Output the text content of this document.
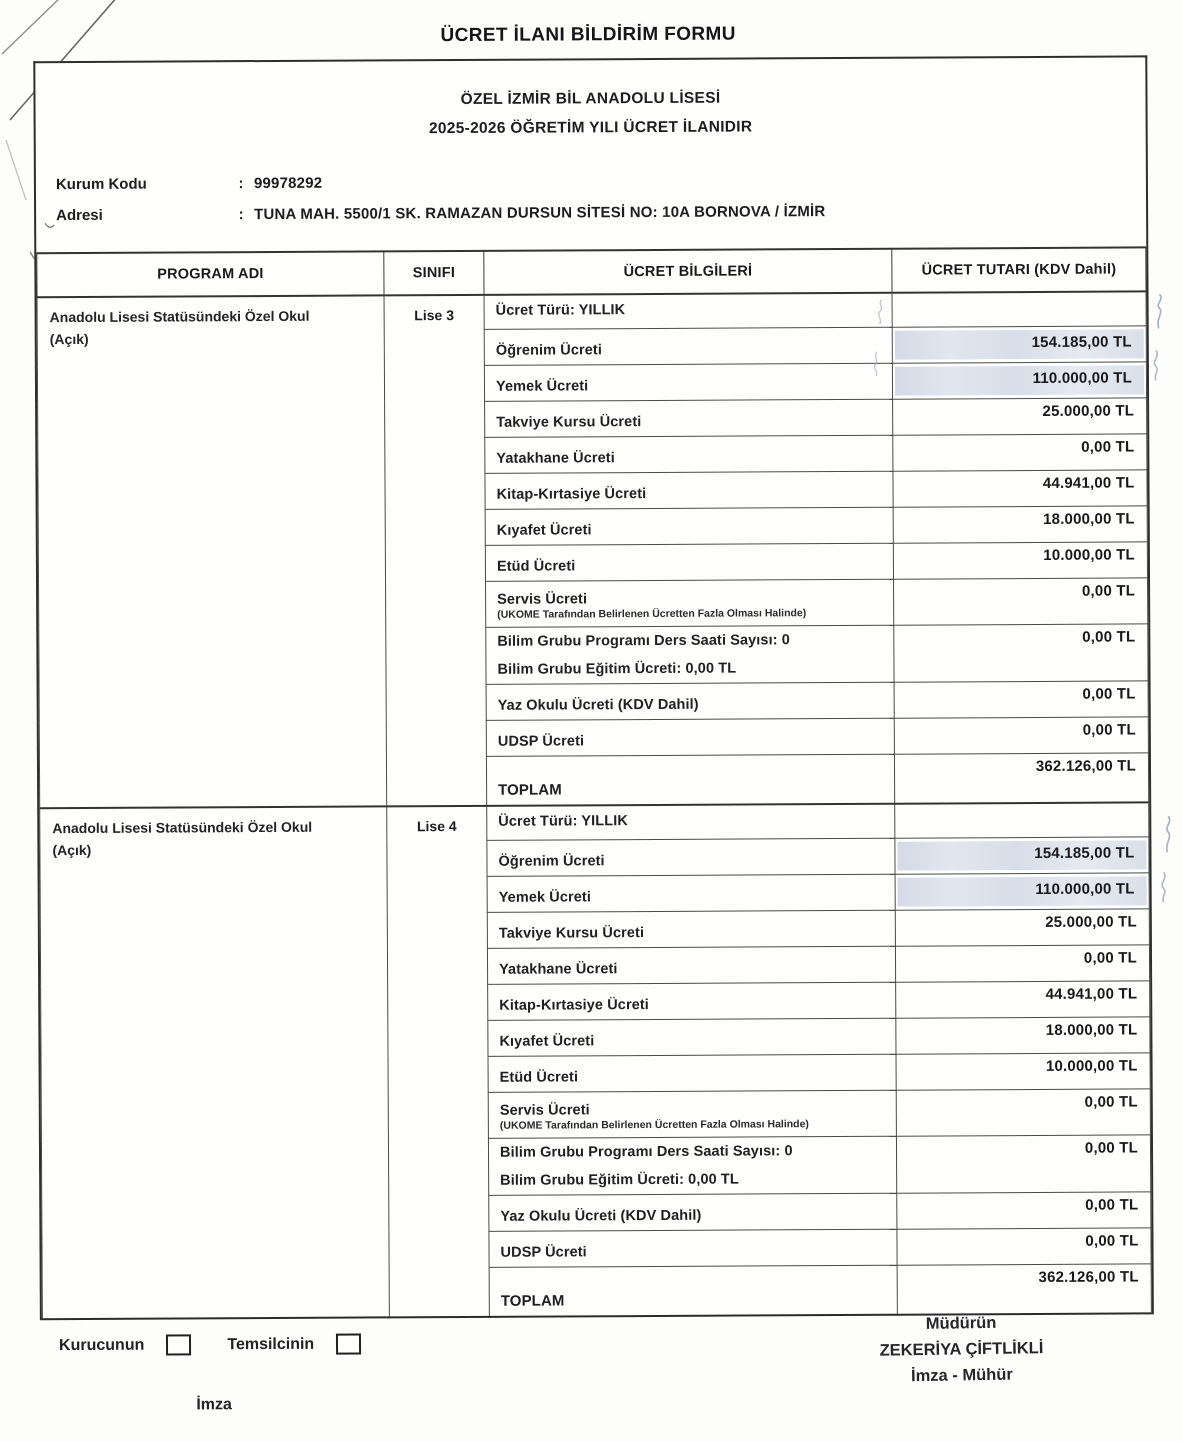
ÜCRET İLANI BİLDİRİM FORMU
ÖZEL İZMİR BİL ANADOLU LİSESİ
2025-2026 ÖĞRETİM YILI ÜCRET İLANIDIR
Kurum Kodu	: 99978292
Adresi	: TUNA MAH. 5500/1 SK. RAMAZAN DURSUN SİTESİ NO: 10A BORNOVA / İZMİR
PROGRAM ADI	SINIFI	ÜCRET BİLGİLERİ	ÜCRET TUTARI (KDV Dahil)

Anadolu Lisesi Statüsündeki Özel Okul
(Açık)	Lise 3	Ücret Türü: YILLIK	

		Öğrenim Ücreti	154.185,00 TL

		Yemek Ücreti	110.000,00 TL

		Takviye Kursu Ücreti	25.000,00 TL

		Yatakhane Ücreti	0,00 TL

		Kitap-Kırtasiye Ücreti	44.941,00 TL

		Kıyafet Ücreti	18.000,00 TL

		Etüd Ücreti	10.000,00 TL

		Servis Ücreti
(UKOME Tarafından Belirlenen Ücretten Fazla Olması Halinde)	0,00 TL

		Bilim Grubu Programı Ders Saati Sayısı: 0
Bilim Grubu Eğitim Ücreti: 0,00 TL	0,00 TL

		Yaz Okulu Ücreti (KDV Dahil)	0,00 TL

		UDSP Ücreti	0,00 TL

		TOPLAM	362.126,00 TL

Anadolu Lisesi Statüsündeki Özel Okul
(Açık)	Lise 4	Ücret Türü: YILLIK	

		Öğrenim Ücreti	154.185,00 TL

		Yemek Ücreti	110.000,00 TL

		Takviye Kursu Ücreti	25.000,00 TL

		Yatakhane Ücreti	0,00 TL

		Kitap-Kırtasiye Ücreti	44.941,00 TL

		Kıyafet Ücreti	18.000,00 TL

		Etüd Ücreti	10.000,00 TL

		Servis Ücreti
(UKOME Tarafından Belirlenen Ücretten Fazla Olması Halinde)	0,00 TL

		Bilim Grubu Programı Ders Saati Sayısı: 0
Bilim Grubu Eğitim Ücreti: 0,00 TL	0,00 TL

		Yaz Okulu Ücreti (KDV Dahil)	0,00 TL

		UDSP Ücreti	0,00 TL

		TOPLAM	362.126,00 TL
Kurucunun	Temsilcinin
İmza
Müdürün
ZEKERİYA ÇİFTLİKLİ
İmza - Mühür
